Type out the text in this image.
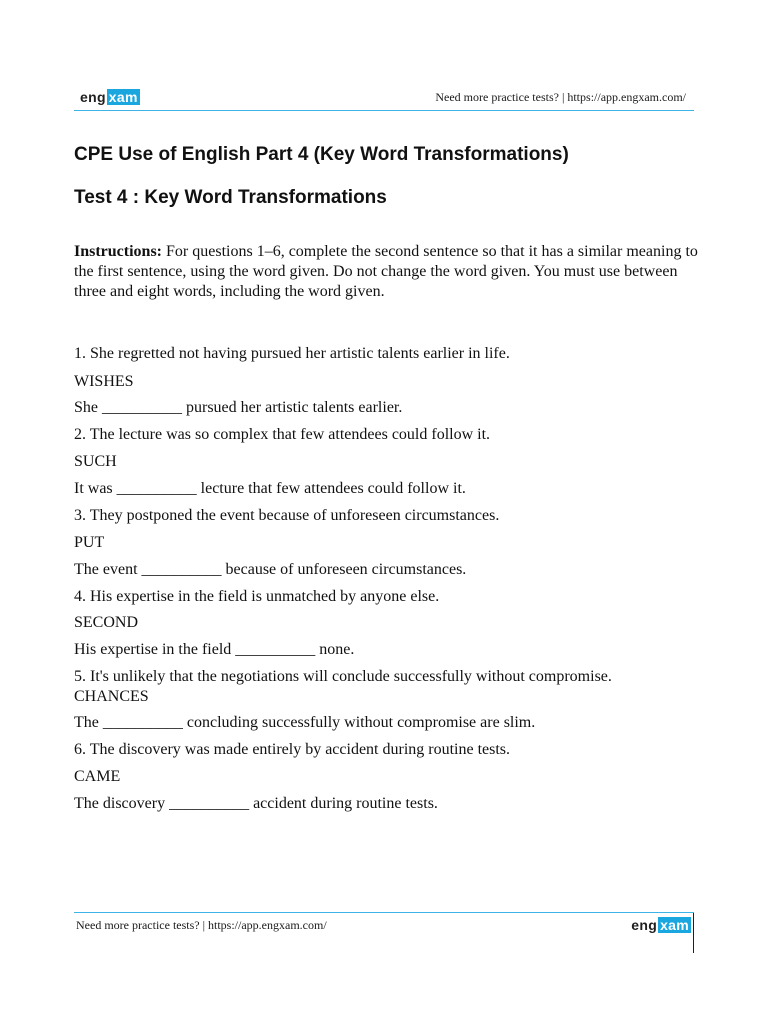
eng xam	Need more practice tests? | https://app.engxam.com/
CPE Use of English Part 4 (Key Word Transformations)
Test 4 : Key Word Transformations
Instructions: For questions 1–6, complete the second sentence so that it has a similar meaning to the first sentence, using the word given. Do not change the word given. You must use between three and eight words, including the word given.
1. She regretted not having pursued her artistic talents earlier in life.
WISHES
She __________ pursued her artistic talents earlier.
2. The lecture was so complex that few attendees could follow it.
SUCH
It was __________ lecture that few attendees could follow it.
3. They postponed the event because of unforeseen circumstances.
PUT
The event __________ because of unforeseen circumstances.
4. His expertise in the field is unmatched by anyone else.
SECOND
His expertise in the field __________ none.
5. It's unlikely that the negotiations will conclude successfully without compromise.
CHANCES
The __________ concluding successfully without compromise are slim.
6. The discovery was made entirely by accident during routine tests.
CAME
The discovery __________ accident during routine tests.
Need more practice tests? | https://app.engxam.com/	eng xam
